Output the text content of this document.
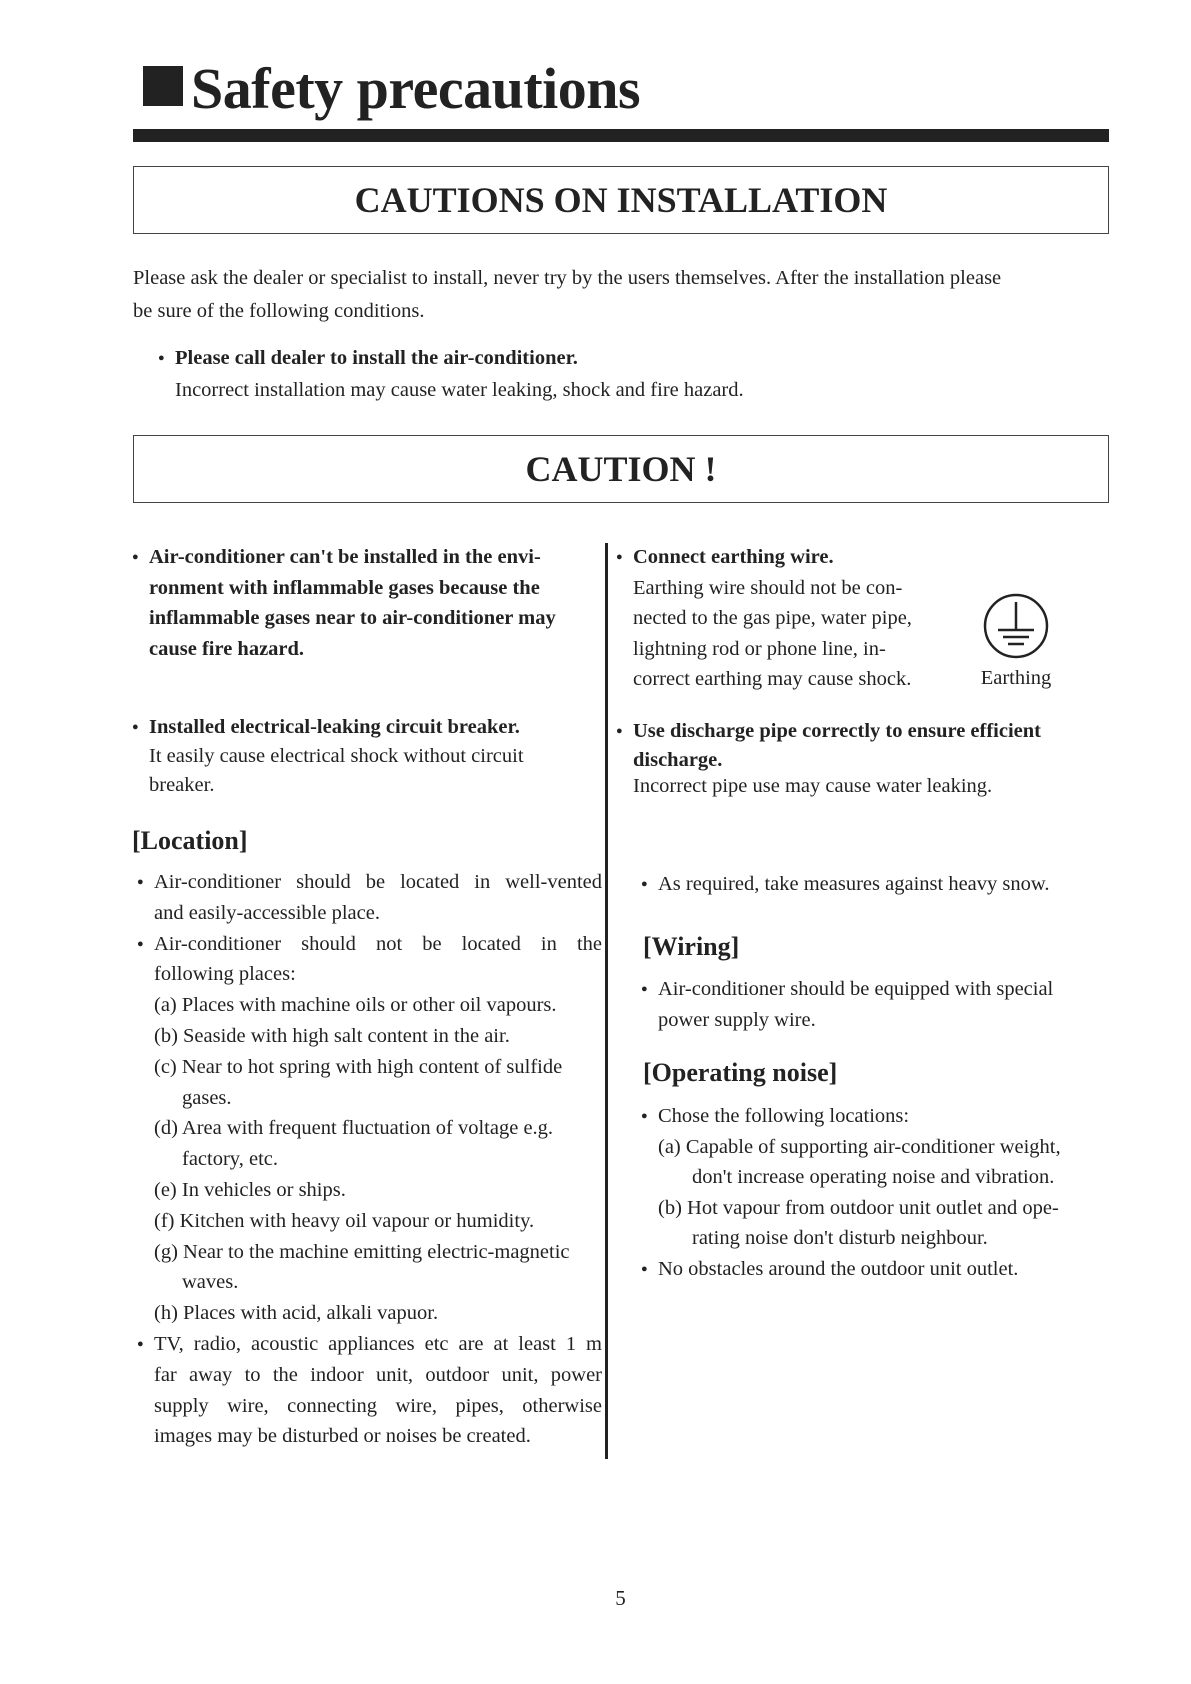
Safety precautions
CAUTIONS ON INSTALLATION
Please ask the dealer or specialist to install, never try by the users themselves. After the installation please
be sure of the following conditions.
● Please call dealer to install the air-conditioner.
Incorrect installation may cause water leaking, shock and fire hazard.
CAUTION !
● Air-conditioner can't be installed in the envi-
ronment with inflammable gases because the
inflammable gases near to air-conditioner may
cause fire hazard.
● Installed electrical-leaking circuit breaker.
It easily cause electrical shock without circuit
breaker.
[Location]
● Air-conditioner should be located in well-vented
and easily-accessible place.
● Air-conditioner should not be located in the
following places:
(a) Places with machine oils or other oil vapours.
(b) Seaside with high salt content in the air.
(c) Near to hot spring with high content of sulfide
gases.
(d) Area with frequent fluctuation of voltage e.g.
factory, etc.
(e) In vehicles or ships.
(f) Kitchen with heavy oil vapour or humidity.
(g) Near to the machine emitting electric-magnetic
waves.
(h) Places with acid, alkali vapuor.
● TV, radio, acoustic appliances etc are at least 1 m
far away to the indoor unit, outdoor unit, power
supply wire, connecting wire, pipes, otherwise
images may be disturbed or noises be created.
● Connect earthing wire.
Earthing wire should not be con-
nected to the gas pipe, water pipe,
lightning rod or phone line, in-
correct earthing may cause shock.	Earthing
● Use discharge pipe correctly to ensure efficient
discharge.
Incorrect pipe use may cause water leaking.
● As required, take measures against heavy snow.
[Wiring]
● Air-conditioner should be equipped with special
power supply wire.
[Operating noise]
● Chose the following locations:
(a) Capable of supporting air-conditioner weight,
don't increase operating noise and vibration.
(b) Hot vapour from outdoor unit outlet and ope-
rating noise don't disturb neighbour.
● No obstacles around the outdoor unit outlet.
5
